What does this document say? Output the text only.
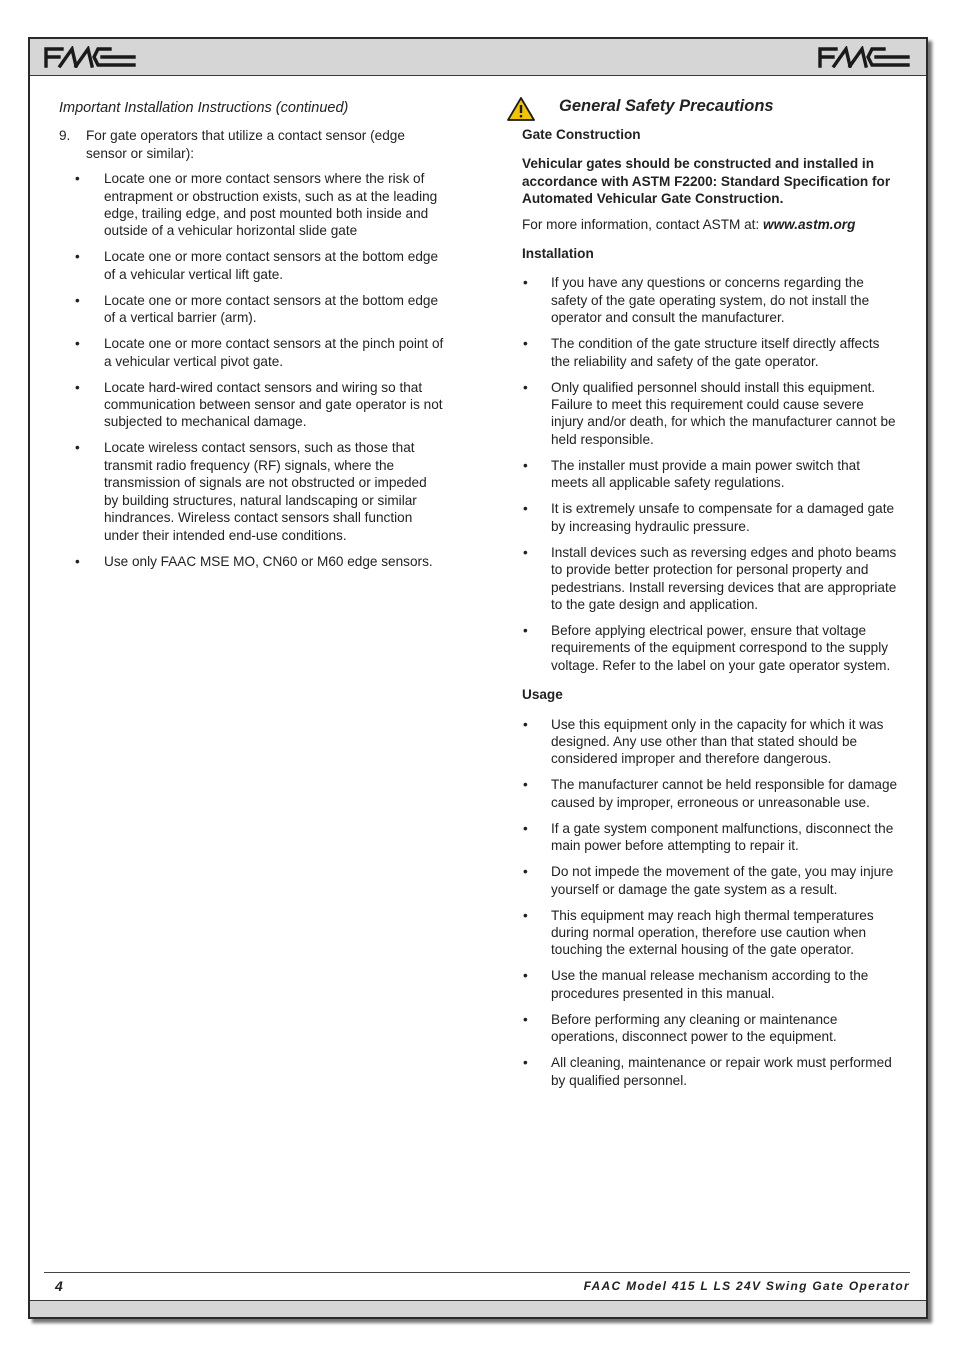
Important Installation Instructions (continued)

9.	For gate operators that utilize a contact sensor (edge sensor or similar):
• Locate one or more contact sensors where the risk of entrapment or obstruction exists, such as at the leading edge, trailing edge, and post mounted both inside and outside of a vehicular horizontal slide gate
• Locate one or more contact sensors at the bottom edge of a vehicular vertical lift gate.
• Locate one or more contact sensors at the bottom edge of a vertical barrier (arm).
• Locate one or more contact sensors at the pinch point of a vehicular vertical pivot gate.
• Locate hard-wired contact sensors and wiring so that communication between sensor and gate operator is not subjected to mechanical damage.
• Locate wireless contact sensors, such as those that transmit radio frequency (RF) signals, where the transmission of signals are not obstructed or impeded by building structures, natural landscaping or similar hindrances. Wireless contact sensors shall function under their intended end-use conditions.
• Use only FAAC MSE MO, CN60 or M60 edge sensors.

General Safety Precautions

Gate Construction

Vehicular gates should be constructed and installed in accordance with ASTM F2200: Standard Specification for Automated Vehicular Gate Construction.

For more information, contact ASTM at: www.astm.org

Installation

• If you have any questions or concerns regarding the safety of the gate operating system, do not install the operator and consult the manufacturer.
• The condition of the gate structure itself directly affects the reliability and safety of the gate operator.
• Only qualified personnel should install this equipment. Failure to meet this requirement could cause severe injury and/or death, for which the manufacturer cannot be held responsible.
• The installer must provide a main power switch that meets all applicable safety regulations.
• It is extremely unsafe to compensate for a damaged gate by increasing hydraulic pressure.
• Install devices such as reversing edges and photo beams to provide better protection for personal property and pedestrians. Install reversing devices that are appropriate to the gate design and application.
• Before applying electrical power, ensure that voltage requirements of the equipment correspond to the supply voltage. Refer to the label on your gate operator system.

Usage

• Use this equipment only in the capacity for which it was designed. Any use other than that stated should be considered improper and therefore dangerous.
• The manufacturer cannot be held responsible for damage caused by improper, erroneous or unreasonable use.
• If a gate system component malfunctions, disconnect the main power before attempting to repair it.
• Do not impede the movement of the gate, you may injure yourself or damage the gate system as a result.
• This equipment may reach high thermal temperatures during normal operation, therefore use caution when touching the external housing of the gate operator.
• Use the manual release mechanism according to the procedures presented in this manual.
• Before performing any cleaning or maintenance operations, disconnect power to the equipment.
• All cleaning, maintenance or repair work must performed by qualified personnel.
4	FAAC Model 415 L LS 24V Swing Gate Operator
